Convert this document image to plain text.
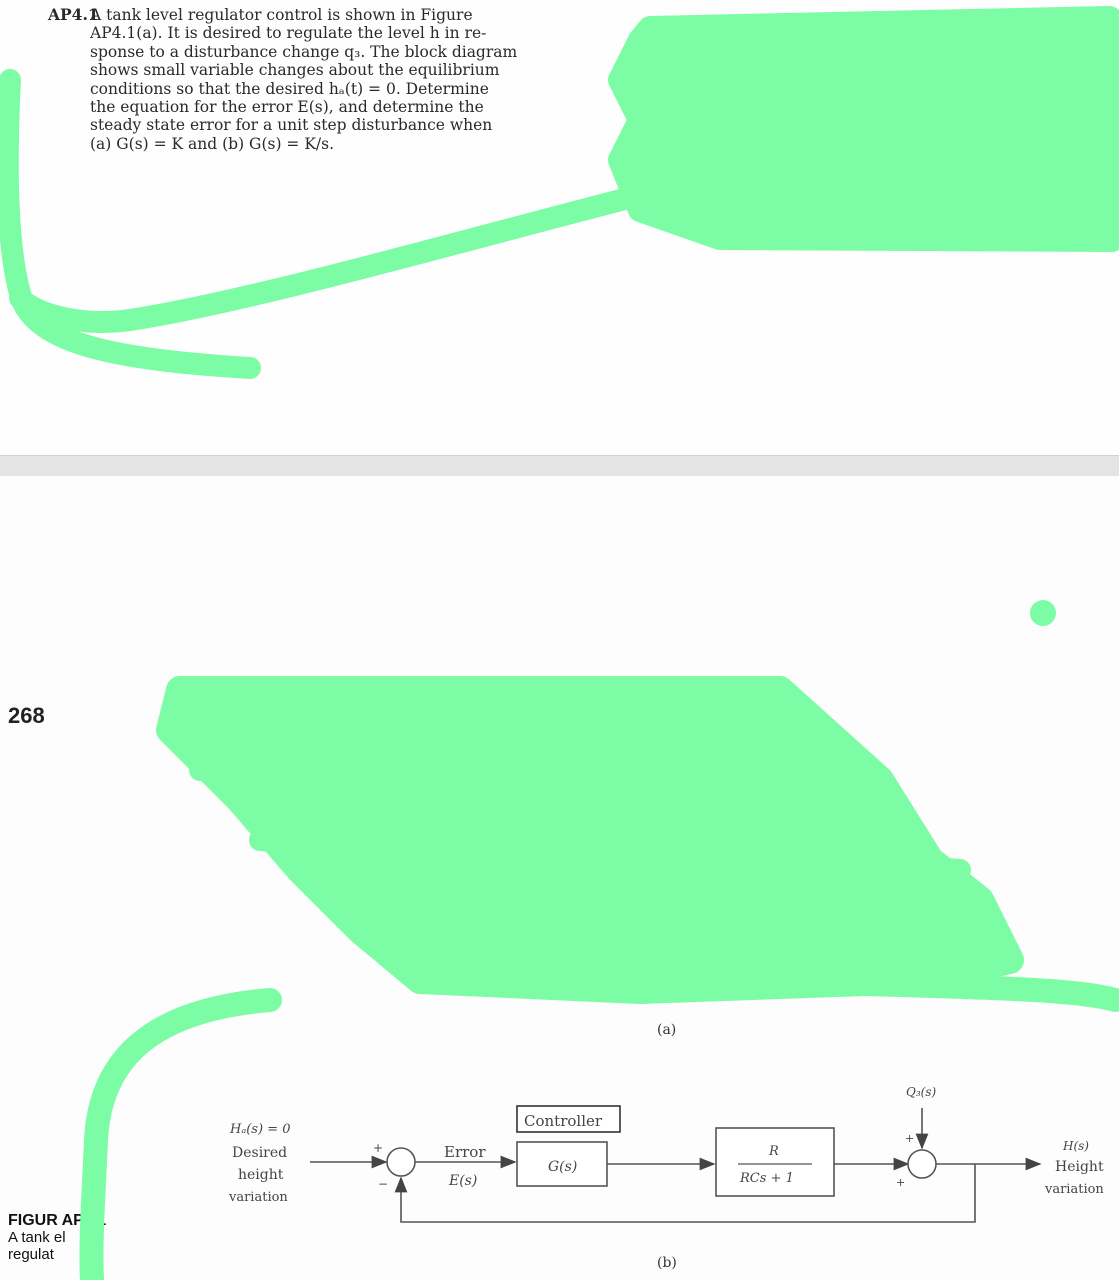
AP4.1
A tank level regulator control is shown in Figure
AP4.1(a). It is desired to regulate the level h in re-
sponse to a disturbance change q₃. The block diagram
shows small variable changes about the equilibrium
conditions so that the desired hₐ(t) = 0. Determine
the equation for the error E(s), and determine the
steady state error for a unit step disturbance when
(a) G(s) = K and (b) G(s) = K/s.
268
(a)
(b)
Hₐ(s) = 0
Desired
height
variation
+
−
Error
E(s)
Controller
G(s)
R
RCs + 1
Q₃(s)
+
+
H(s)
Height
variation
FIGUR AP4.1
A tank el
regulat
